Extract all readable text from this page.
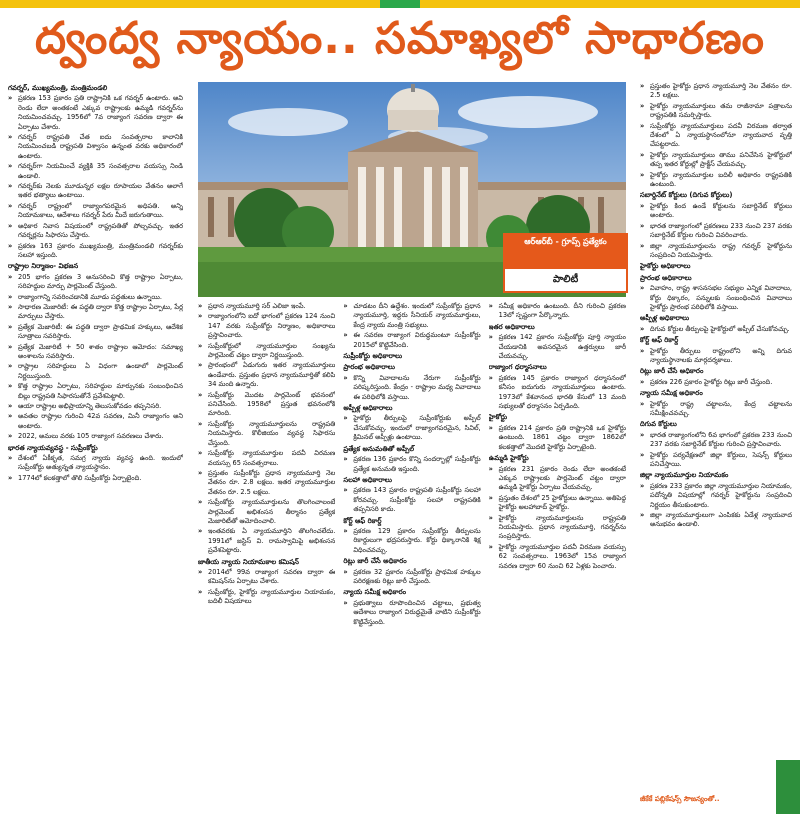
ద్వంద్వ న్యాయం.. సమాఖ్యలో సాధారణం
గవర్నర్, ముఖ్యమంత్రి, మంత్రిమండలి

» ప్రకరణ 153 ప్రకారం ప్రతి రాష్ట్రానికి ఒక గవర్నర్ ఉంటారు. అవి రెండు లేదా అంతకంటే ఎక్కువ రాష్ట్రాలకు ఉమ్మడి గవర్నర్‌ను నియమించవచ్చు. 1956లో 7వ రాజ్యాంగ సవరణ ద్వారా ఈ ఏర్పాటు చేశారు.

» గవర్నర్ రాష్ట్రపతి చేత ఐదు సంవత్సరాల కాలానికి నియమించబడి రాష్ట్రపతి విశ్వాసం ఉన్నంత వరకు అధికారంలో ఉంటారు.

» గవర్నర్‌గా నియమించే వ్యక్తికి 35 సంవత్సరాల వయస్సు నిండి ఉండాలి.

» గవర్నర్‌కు నెలకు మూడున్నర లక్షల రూపాయల వేతనం అలాగే ఇతర భత్యాలు ఉంటాయి.

» గవర్నర్ రాష్ట్రంలో రాజ్యాంగపరమైన అధిపతి. అన్ని నియామకాలు, ఆదేశాలు గవర్నర్ పేరు మీదే జరుగుతాయి.

» అధికార నివాస విషయంలో రాష్ట్రపతితో పోల్చవచ్చు. ఇతర గవర్నర్లను సిఫారసు చేస్తారు.

» ప్రకరణ 163 ప్రకారం ముఖ్యమంత్రి, మంత్రిమండలి గవర్నర్‌కు సలహా ఇస్తుంది.

రాష్ట్రాల నిర్మాణం- విభజన

» 205 భాగం ప్రకరణ 3 అనుసరించి కొత్త రాష్ట్రాల ఏర్పాటు, సరిహద్దుల మార్పు పార్లమెంట్ చేస్తుంది.

» రాజ్యాంగాన్ని సవరించడానికి మూడు పద్ధతులు ఉన్నాయి.

» సాధారణ మెజారిటీ: ఈ పద్ధతి ద్వారా కొత్త రాష్ట్రాల ఏర్పాటు, పేర్ల మార్పులు చేస్తారు.

» ప్రత్యేక మెజారిటీ: ఈ పద్ధతి ద్వారా ప్రాథమిక హక్కులు, ఆదేశిక సూత్రాలు సవరిస్తారు.

» ప్రత్యేక మెజారిటీ + 50 శాతం రాష్ట్రాల ఆమోదం: సమాఖ్య అంశాలను సవరిస్తారు.

» రాష్ట్రాల సరిహద్దులు ఏ విధంగా ఉండాలో పార్లమెంట్ నిర్ణయిస్తుంది.

» కొత్త రాష్ట్రాల ఏర్పాటు, సరిహద్దుల మార్పునకు సంబంధించిన బిల్లు రాష్ట్రపతి సిఫారసుతోనే ప్రవేశపెట్టాలి.

» ఆయా రాష్ట్రాల అభిప్రాయాన్ని తెలుసుకోవడం తప్పనిసరి.

» అవతల రాష్ట్రాల గురించి 42వ సవరణ, మినీ రాజ్యాంగం అని అంటారు.

» 2022, అమలు వరకు 105 రాజ్యాంగ సవరణలు చేశారు.

భారత న్యాయవ్యవస్థ - సుప్రీంకోర్టు

» దేశంలో ఏకీకృత, సమగ్ర న్యాయ వ్యవస్థ ఉంది. ఇందులో సుప్రీంకోర్టు అత్యున్నత న్యాయస్థానం.

» 1774లో కలకత్తాలో తొలి సుప్రీంకోర్టు ఏర్పాటైంది.

ఆర్ఆర్‌బీ - గ్రూప్స్ ప్రత్యేకం
పాలిటీ

» ప్రధాన న్యాయమూర్తి సర్ ఎలిజా ఇంపే.

» రాజ్యాంగంలోని ఐదో భాగంలో ప్రకరణ 124 నుంచి 147 వరకు సుప్రీంకోర్టు నిర్మాణం, అధికారాలు ప్రస్తావించారు.

» సుప్రీంకోర్టులో న్యాయమూర్తుల సంఖ్యను పార్లమెంట్ చట్టం ద్వారా నిర్ణయిస్తుంది.

» ప్రారంభంలో ఏడుగురు ఇతర న్యాయమూర్తులు ఉండేవారు. ప్రస్తుతం ప్రధాన న్యాయమూర్తితో కలిపి 34 మంది ఉన్నారు.

» సుప్రీంకోర్టు మొదట పార్లమెంట్ భవనంలో పనిచేసింది. 1958లో ప్రస్తుత భవనంలోకి మారింది.

» సుప్రీంకోర్టు న్యాయమూర్తులను రాష్ట్రపతి నియమిస్తారు. కొలీజియం వ్యవస్థ సిఫారసు చేస్తుంది.

» సుప్రీంకోర్టు న్యాయమూర్తుల పదవీ విరమణ వయస్సు 65 సంవత్సరాలు.

» ప్రస్తుతం సుప్రీంకోర్టు ప్రధాన న్యాయమూర్తి నెల వేతనం రూ. 2.8 లక్షలు. ఇతర న్యాయమూర్తుల వేతనం రూ. 2.5 లక్షలు.

» సుప్రీంకోర్టు న్యాయమూర్తులను తొలగించాలంటే పార్లమెంట్ అభిశంసన తీర్మానం ప్రత్యేక మెజారిటీతో ఆమోదించాలి.

» ఇంతవరకు ఏ న్యాయమూర్తిని తొలగించలేదు. 1991లో జస్టిస్ వి. రామస్వామిపై అభిశంసన ప్రవేశపెట్టారు.

జాతీయ న్యాయ నియామకాల కమిషన్

» 2014లో 99వ రాజ్యాంగ సవరణ ద్వారా ఈ కమిషన్‌ను ఏర్పాటు చేశారు.

» సుప్రీంకోర్టు, హైకోర్టు న్యాయమూర్తుల నియామకం, బదిలీ విషయాలు

» చూడటం దీని ఉద్దేశం. ఇందులో సుప్రీంకోర్టు ప్రధాన న్యాయమూర్తి, ఇద్దరు సీనియర్ న్యాయమూర్తులు, కేంద్ర న్యాయ మంత్రి సభ్యులు.

» ఈ సవరణ రాజ్యాంగ విరుద్ధమంటూ సుప్రీంకోర్టు 2015లో కొట్టివేసింది.

సుప్రీంకోర్టు అధికారాలు
ప్రారంభ అధికారాలు

» కొన్ని వివాదాలను నేరుగా సుప్రీంకోర్టు పరిష్కరిస్తుంది. కేంద్రం - రాష్ట్రాల మధ్య వివాదాలు ఈ పరిధిలోకి వస్తాయి.

అప్పీళ్ల అధికారాలు

» హైకోర్టు తీర్పులపై సుప్రీంకోర్టుకు అప్పీల్ చేసుకోవచ్చు. ఇందులో రాజ్యాంగపరమైన, సివిల్, క్రిమినల్ అప్పీళ్లు ఉంటాయి.

ప్రత్యేక అనుమతితో అప్పీల్

» ప్రకరణ 136 ప్రకారం కొన్ని సందర్భాల్లో సుప్రీంకోర్టు ప్రత్యేక అనుమతి ఇస్తుంది.

సలహా అధికారాలు

» ప్రకరణ 143 ప్రకారం రాష్ట్రపతి సుప్రీంకోర్టు సలహా కోరవచ్చు. సుప్రీంకోర్టు సలహా రాష్ట్రపతికి తప్పనిసరి కాదు.

కోర్ట్ ఆఫ్ రికార్డ్

» ప్రకరణ 129 ప్రకారం సుప్రీంకోర్టు తీర్పులను రికార్డులుగా భద్రపరుస్తారు. కోర్టు ధిక్కారానికి శిక్ష విధించవచ్చు.

రిట్లు జారీ చేసే అధికారం

» ప్రకరణ 32 ప్రకారం సుప్రీంకోర్టు ప్రాథమిక హక్కుల పరిరక్షణకు రిట్లు జారీ చేస్తుంది.

న్యాయ సమీక్ష అధికారం

» ప్రభుత్వాలు రూపొందించిన చట్టాలు, ప్రభుత్వ ఆదేశాలు రాజ్యాంగ విరుద్ధమైతే వాటిని సుప్రీంకోర్టు కొట్టివేస్తుంది.

» సమీక్ష అధికారం ఉంటుంది. దీని గురించి ప్రకరణ 13లో స్పష్టంగా పేర్కొన్నారు.

ఇతర అధికారాలు

» ప్రకరణ 142 ప్రకారం సుప్రీంకోర్టు పూర్తి న్యాయం చేయడానికి అవసరమైన ఉత్తర్వులు జారీ చేయవచ్చు.

రాజ్యాంగ ధర్మాసనాలు

» ప్రకరణ 145 ప్రకారం రాజ్యాంగ ధర్మాసనంలో కనీసం ఐదుగురు న్యాయమూర్తులు ఉంటారు. 1973లో కేశవానంద భారతి కేసులో 13 మంది సభ్యులతో ధర్మాసనం ఏర్పడింది.

హైకోర్టు

» ప్రకరణ 214 ప్రకారం ప్రతి రాష్ట్రానికి ఒక హైకోర్టు ఉంటుంది. 1861 చట్టం ద్వారా 1862లో కలకత్తాలో మొదటి హైకోర్టు ఏర్పాటైంది.

ఉమ్మడి హైకోర్టు

» ప్రకరణ 231 ప్రకారం రెండు లేదా అంతకంటే ఎక్కువ రాష్ట్రాలకు పార్లమెంట్ చట్టం ద్వారా ఉమ్మడి హైకోర్టు ఏర్పాటు చేయవచ్చు.

» ప్రస్తుతం దేశంలో 25 హైకోర్టులు ఉన్నాయి. అతిపెద్ద హైకోర్టు అలహాబాద్ హైకోర్టు.

» హైకోర్టు న్యాయమూర్తులను రాష్ట్రపతి నియమిస్తారు. ప్రధాన న్యాయమూర్తి, గవర్నర్‌ను సంప్రదిస్తారు.

» హైకోర్టు న్యాయమూర్తుల పదవీ విరమణ వయస్సు 62 సంవత్సరాలు. 1963లో 15వ రాజ్యాంగ సవరణ ద్వారా 60 నుంచి 62 ఏళ్లకు పెంచారు.

» ప్రస్తుతం హైకోర్టు ప్రధాన న్యాయమూర్తి నెల వేతనం రూ. 2.5 లక్షలు.

» హైకోర్టు న్యాయమూర్తులు తమ రాజీనామా పత్రాలను రాష్ట్రపతికి సమర్పిస్తారు.

» సుప్రీంకోర్టు న్యాయమూర్తులు పదవీ విరమణ తర్వాత దేశంలో ఏ న్యాయస్థానంలోనూ న్యాయవాద వృత్తి చేపట్టరాదు.

» హైకోర్టు న్యాయమూర్తులు తాము పనిచేసిన హైకోర్టులో తప్ప ఇతర కోర్టుల్లో ప్రాక్టీస్ చేయవచ్చు.

» హైకోర్టు న్యాయమూర్తుల బదిలీ అధికారం రాష్ట్రపతికి ఉంటుంది.

సబార్డినేట్ కోర్టులు (దిగువ కోర్టులు)

» హైకోర్టు కింద ఉండే కోర్టులను సబార్డినేట్ కోర్టులు అంటారు.

» భారత రాజ్యాంగంలో ప్రకరణలు 233 నుంచి 237 వరకు సబార్డినేట్ కోర్టుల గురించి వివరించారు.

» జిల్లా న్యాయమూర్తులను రాష్ట్ర గవర్నర్ హైకోర్టును సంప్రదించి నియమిస్తారు.

హైకోర్టు అధికారాలు
ప్రారంభ అధికారాలు

» వివాహం, రాష్ట్ర శాసనసభల సభ్యుల ఎన్నిక వివాదాలు, కోర్టు ధిక్కారం, పన్నులకు సంబంధించిన వివాదాలు హైకోర్టు ప్రారంభ పరిధిలోకి వస్తాయి.

అప్పీళ్ల అధికారాలు

» దిగువ కోర్టుల తీర్పులపై హైకోర్టులో అప్పీల్ చేసుకోవచ్చు.

కోర్ట్ ఆఫ్ రికార్డ్

» హైకోర్టు తీర్పులు రాష్ట్రంలోని అన్ని దిగువ న్యాయస్థానాలకు మార్గదర్శకాలు.

రిట్లు జారీ చేసే అధికారం

» ప్రకరణ 226 ప్రకారం హైకోర్టు రిట్లు జారీ చేస్తుంది.

న్యాయ సమీక్ష అధికారం

» హైకోర్టు రాష్ట్ర చట్టాలను, కేంద్ర చట్టాలను సమీక్షించవచ్చు.

దిగువ కోర్టులు

» భారత రాజ్యాంగంలోని 6వ భాగంలో ప్రకరణ 233 నుంచి 237 వరకు సబార్డినేట్ కోర్టుల గురించి ప్రస్తావించారు.

» హైకోర్టు పర్యవేక్షణలో జిల్లా కోర్టులు, సెషన్స్ కోర్టులు పనిచేస్తాయి.

జిల్లా న్యాయమూర్తుల నియామకం

» ప్రకరణ 233 ప్రకారం జిల్లా న్యాయమూర్తుల నియామకం, పదోన్నతి విషయాల్లో గవర్నర్ హైకోర్టును సంప్రదించి నిర్ణయం తీసుకుంటారు.

» జిల్లా న్యాయమూర్తులుగా ఎంపికకు ఏడేళ్ల న్యాయవాద అనుభవం ఉండాలి.

జీకేకే పబ్లికేషన్స్ సౌజన్యంతో..
